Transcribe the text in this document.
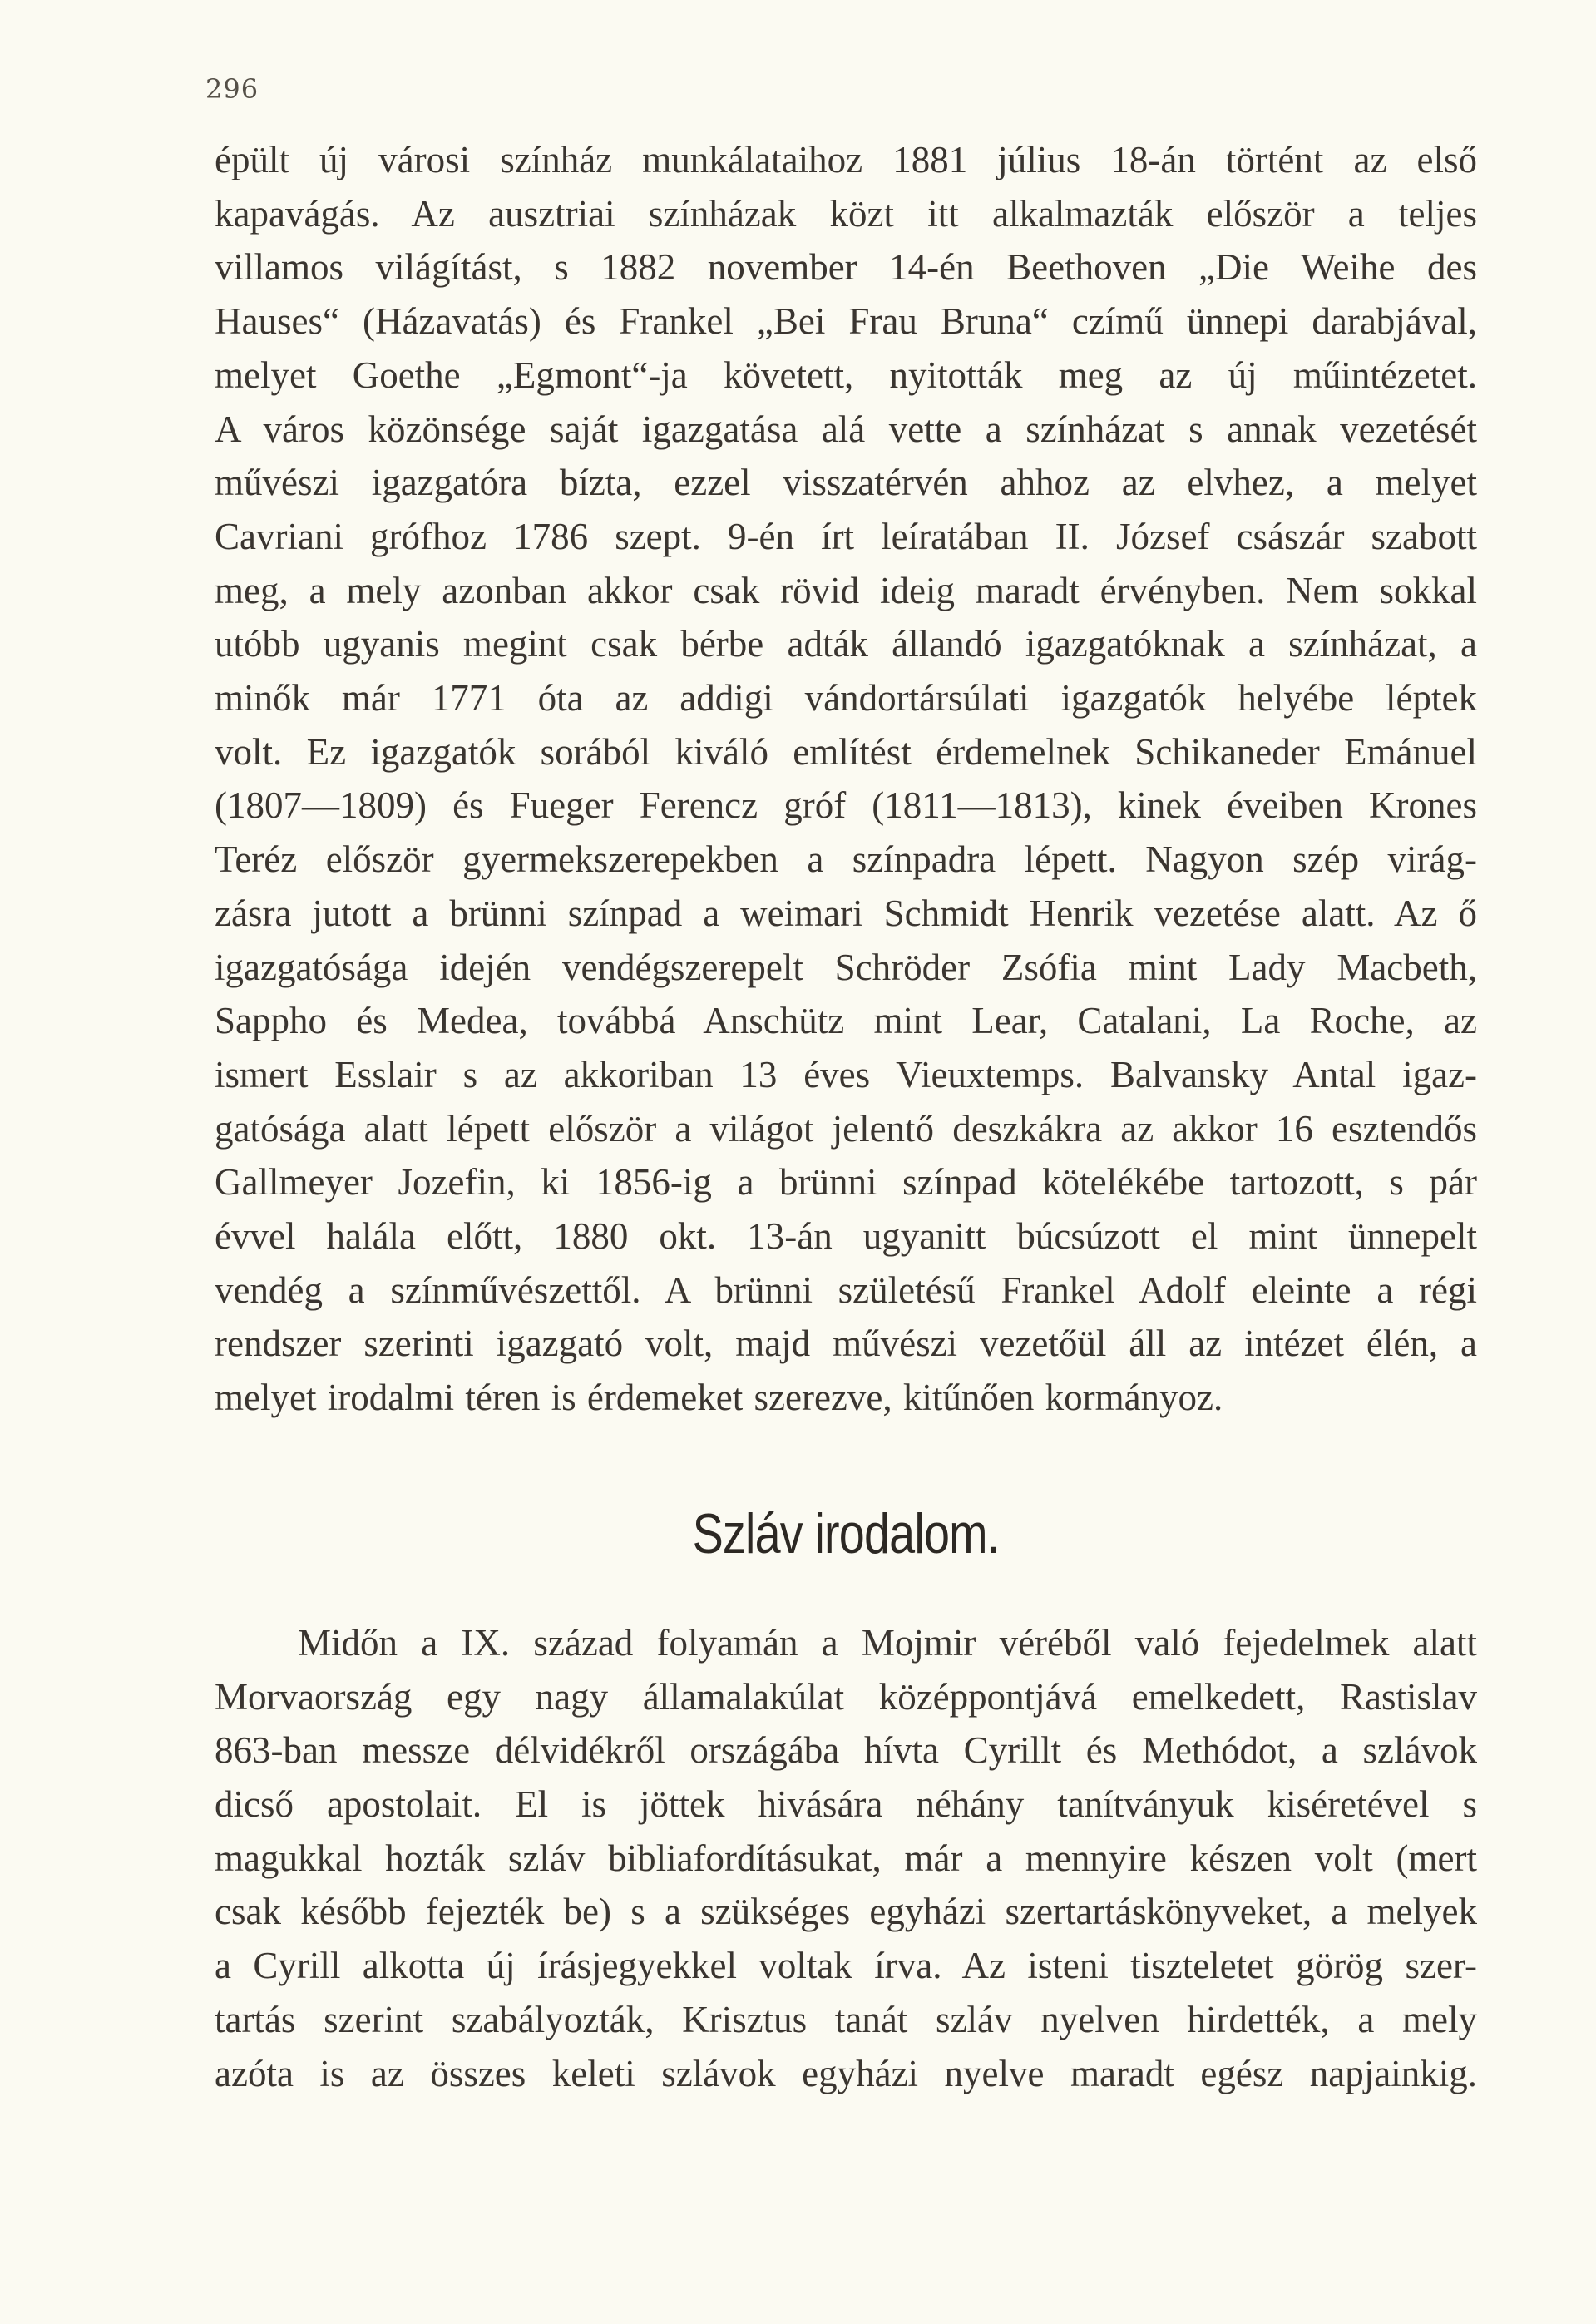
296
épült új városi színház munkálataihoz 1881 július 18-án történt az első
kapavágás. Az ausztriai színházak közt itt alkalmazták először a teljes
villamos világítást, s 1882 november 14-én Beethoven „Die Weihe des
Hauses“ (Házavatás) és Frankel „Bei Frau Bruna“ czímű ünnepi darabjával,
melyet Goethe „Egmont“-ja követett, nyitották meg az új műintézetet.
A város közönsége saját igazgatása alá vette a színházat s annak vezetését
művészi igazgatóra bízta, ezzel visszatérvén ahhoz az elvhez, a melyet
Cavriani grófhoz 1786 szept. 9-én írt leíratában II. József császár szabott
meg, a mely azonban akkor csak rövid ideig maradt érvényben. Nem sokkal
utóbb ugyanis megint csak bérbe adták állandó igazgatóknak a színházat, a
minők már 1771 óta az addigi vándortársúlati igazgatók helyébe léptek
volt. Ez igazgatók sorából kiváló említést érdemelnek Schikaneder Emánuel
(1807—1809) és Fueger Ferencz gróf (1811—1813), kinek éveiben Krones
Teréz először gyermekszerepekben a színpadra lépett. Nagyon szép virág-
zásra jutott a brünni színpad a weimari Schmidt Henrik vezetése alatt. Az ő
igazgatósága idején vendégszerepelt Schröder Zsófia mint Lady Macbeth,
Sappho és Medea, továbbá Anschütz mint Lear, Catalani, La Roche, az
ismert Esslair s az akkoriban 13 éves Vieuxtemps. Balvansky Antal igaz-
gatósága alatt lépett először a világot jelentő deszkákra az akkor 16 esztendős
Gallmeyer Jozefin, ki 1856-ig a brünni színpad kötelékébe tartozott, s pár
évvel halála előtt, 1880 okt. 13-án ugyanitt búcsúzott el mint ünnepelt
vendég a színművészettől. A brünni születésű Frankel Adolf eleinte a régi
rendszer szerinti igazgató volt, majd művészi vezetőül áll az intézet élén, a
melyet irodalmi téren is érdemeket szerezve, kitűnően kormányoz.
Szláv irodalom.
Midőn a IX. század folyamán a Mojmir véréből való fejedelmek alatt
Morvaország egy nagy államalakúlat középpontjává emelkedett, Rastislav
863-ban messze délvidékről országába hívta Cyrillt és Methódot, a szlávok
dicső apostolait. El is jöttek hivására néhány tanítványuk kiséretével s
magukkal hozták szláv bibliafordításukat, már a mennyire készen volt (mert
csak később fejezték be) s a szükséges egyházi szertartáskönyveket, a melyek
a Cyrill alkotta új írásjegyekkel voltak írva. Az isteni tiszteletet görög szer-
tartás szerint szabályozták, Krisztus tanát szláv nyelven hirdették, a mely
azóta is az összes keleti szlávok egyházi nyelve maradt egész napjainkig.
